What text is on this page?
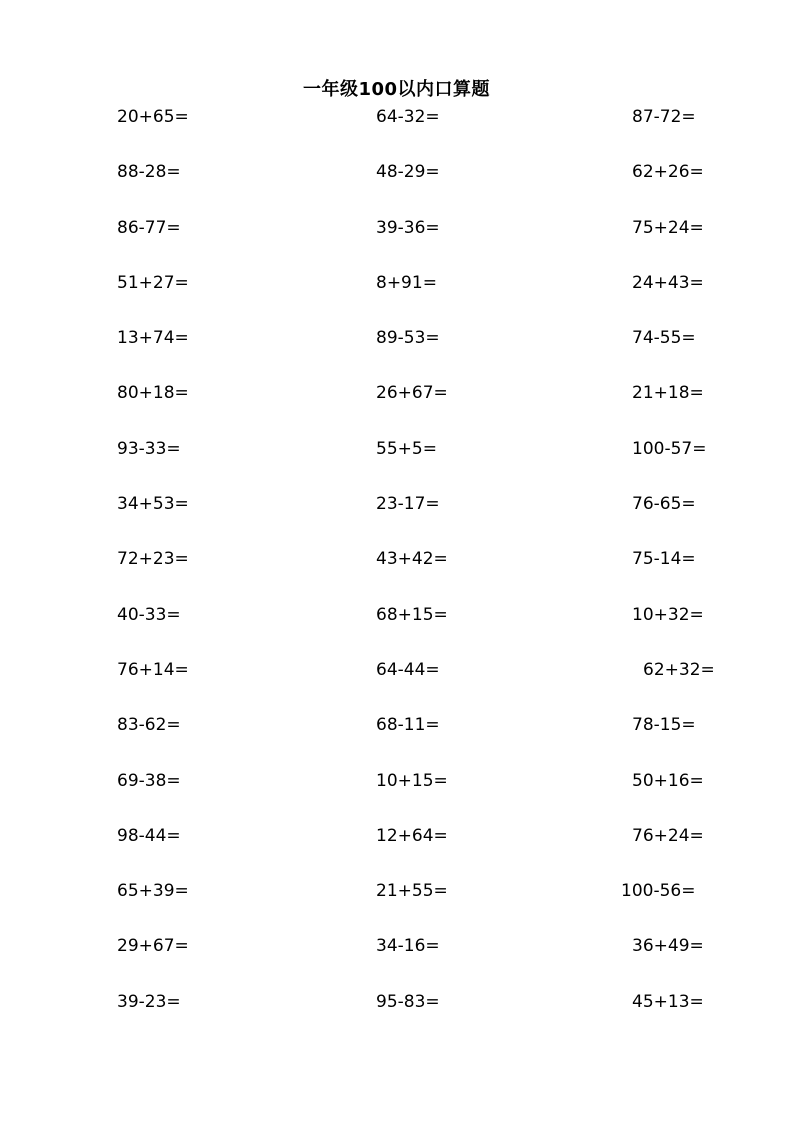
一年级100以内口算题
20+65=	64-32=	87-72=
88-28=	48-29=	62+26=
86-77=	39-36=	75+24=
51+27=	8+91=	24+43=
13+74=	89-53=	74-55=
80+18=	26+67=	21+18=
93-33=	55+5=	100-57=
34+53=	23-17=	76-65=
72+23=	43+42=	75-14=
40-33=	68+15=	10+32=
76+14=	64-44=	62+32=
83-62=	68-11=	78-15=
69-38=	10+15=	50+16=
98-44=	12+64=	76+24=
65+39=	21+55=	100-56=
29+67=	34-16=	36+49=
39-23=	95-83=	45+13=
